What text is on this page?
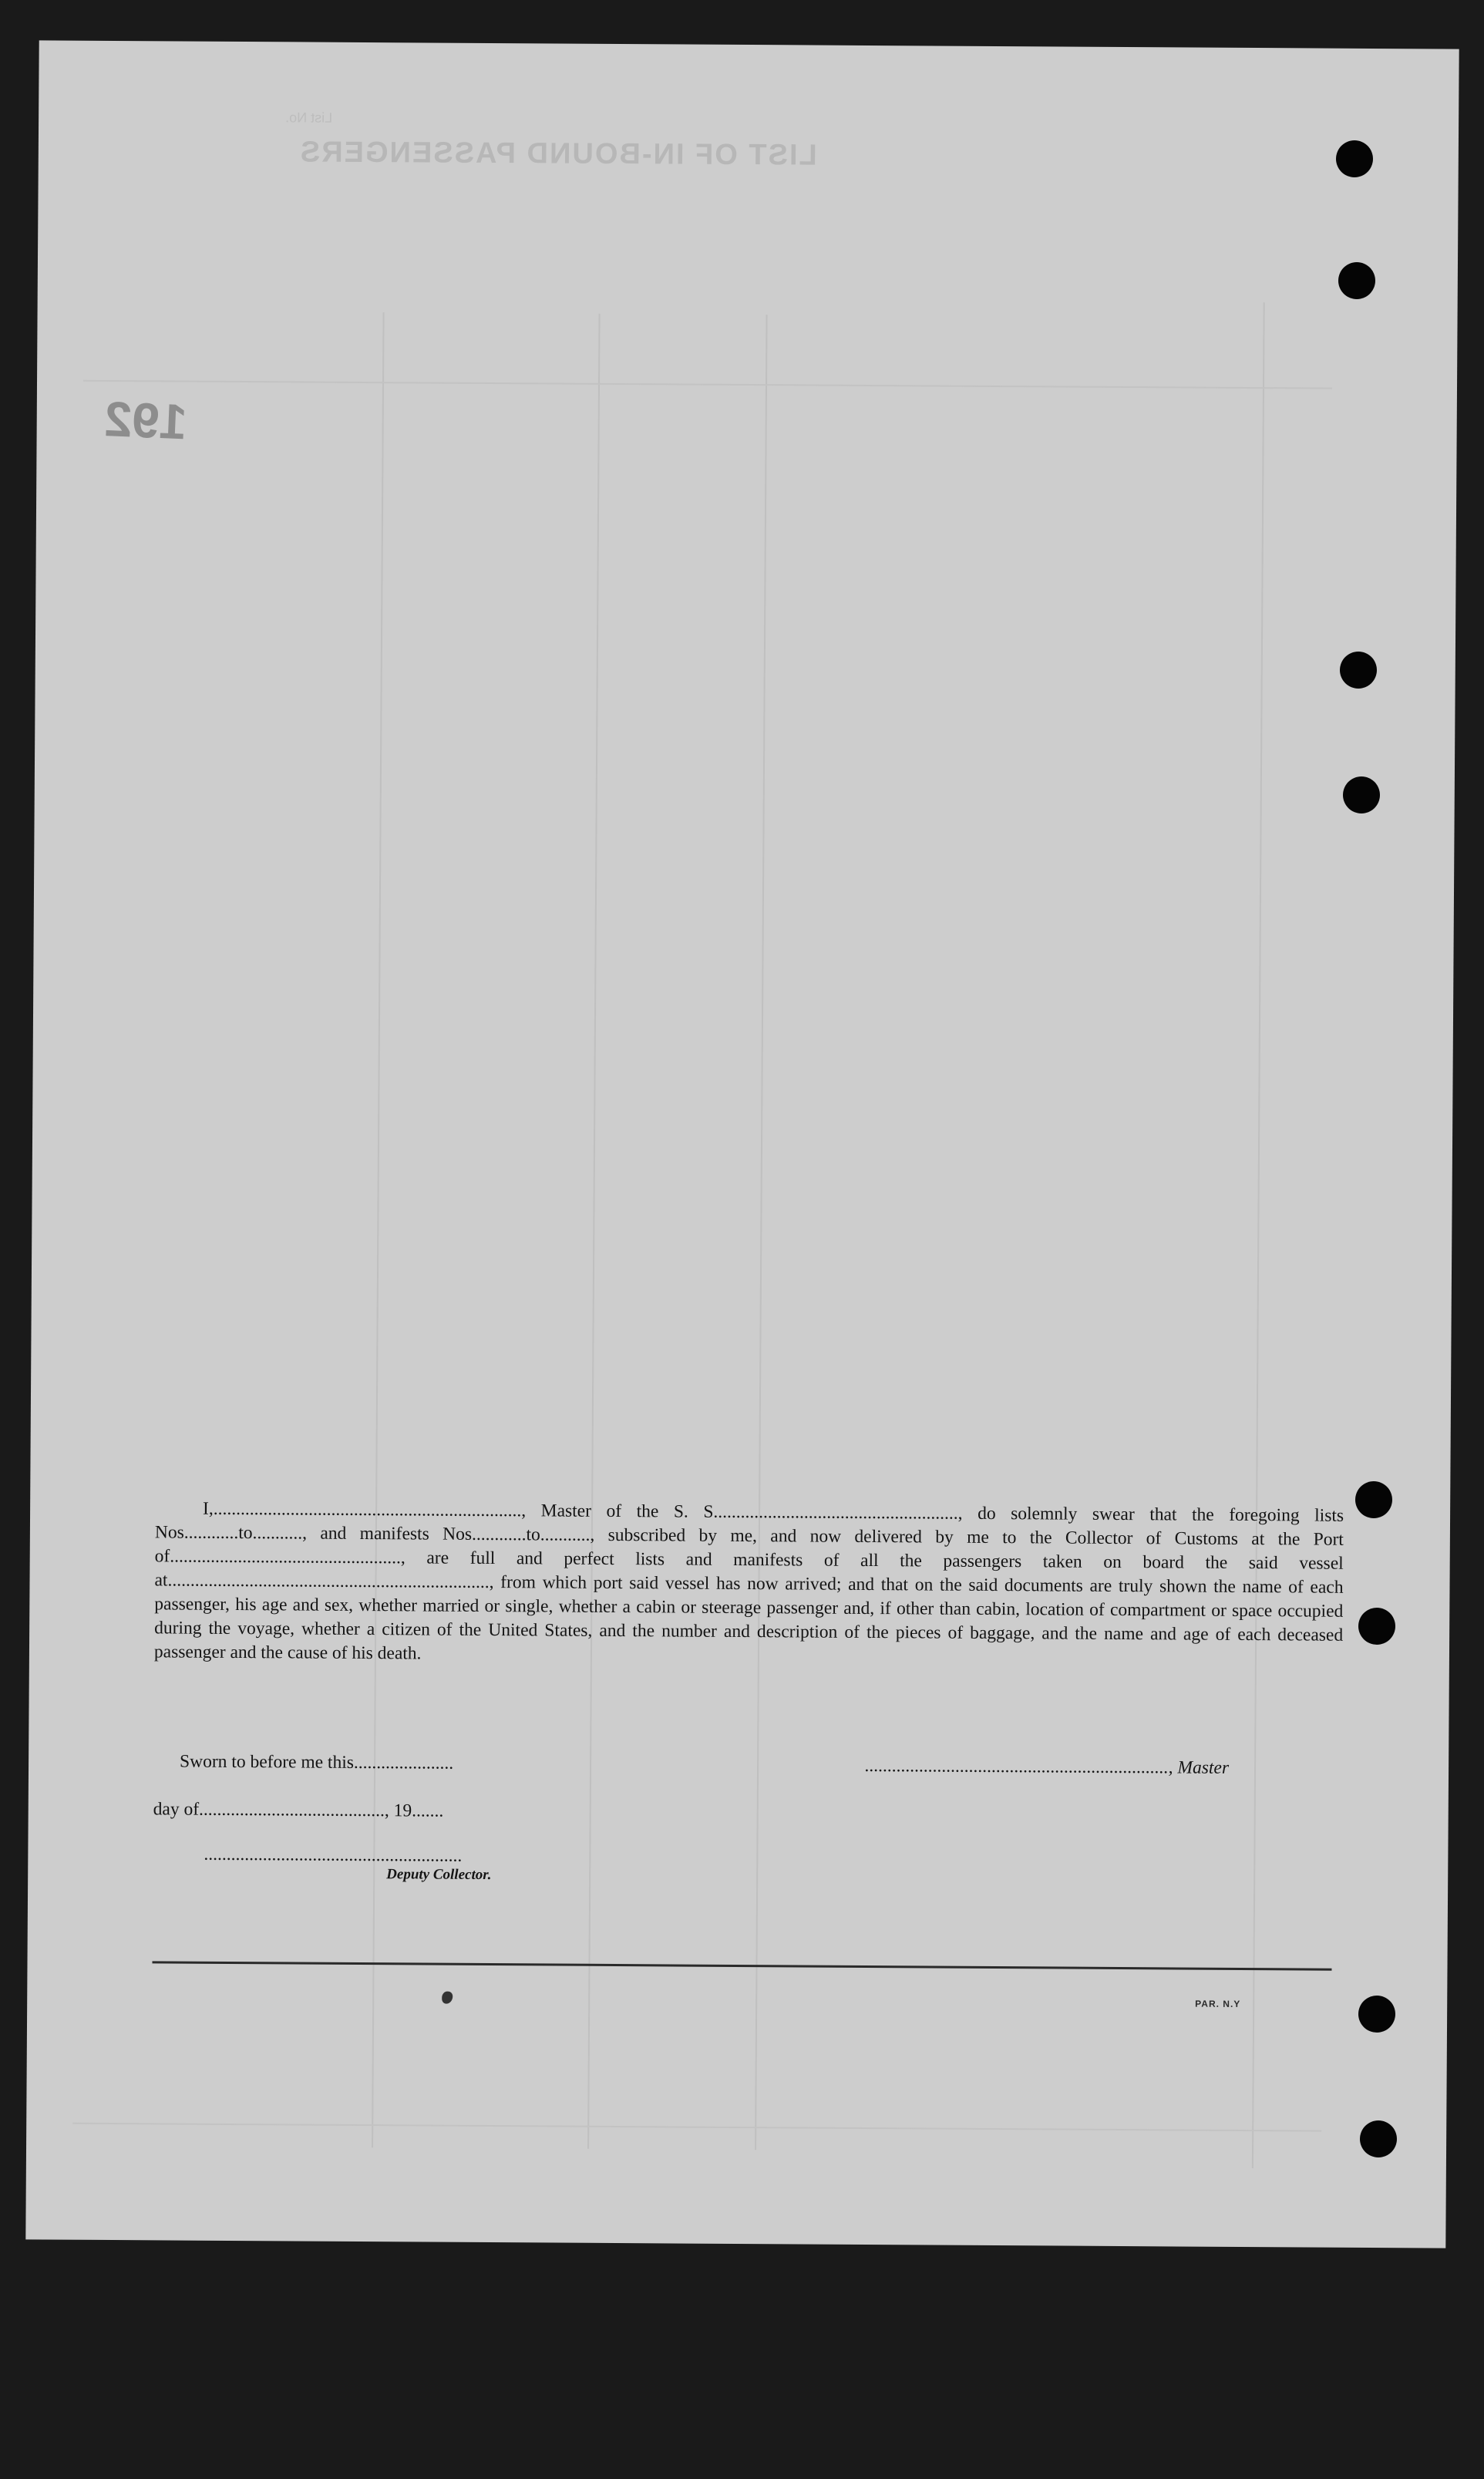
List No.
LIST OF IN-BOUND PASSENGERS
192

I,...................................................................., Master of the S. S......................................................, do solemnly swear that the foregoing lists Nos............to..........., and manifests Nos............to..........., subscribed by me, and now delivered by me to the Collector of Customs at the Port of..................................................., are full and perfect lists and manifests of all the passengers taken on board the said vessel at......................................................................., from which port said vessel has now arrived; and that on the said documents are truly shown the name of each passenger, his age and sex, whether married or single, whether a cabin or steerage passenger and, if other than cabin, location of compartment or space occupied during the voyage, whether a citizen of the United States, and the number and description of the pieces of baggage, and the name and age of each deceased passenger and the cause of his death.

Sworn to before me this......................	..................................................................., Master
day of........................................., 19.......
.........................................................
Deputy Collector.
PAR. N.Y
